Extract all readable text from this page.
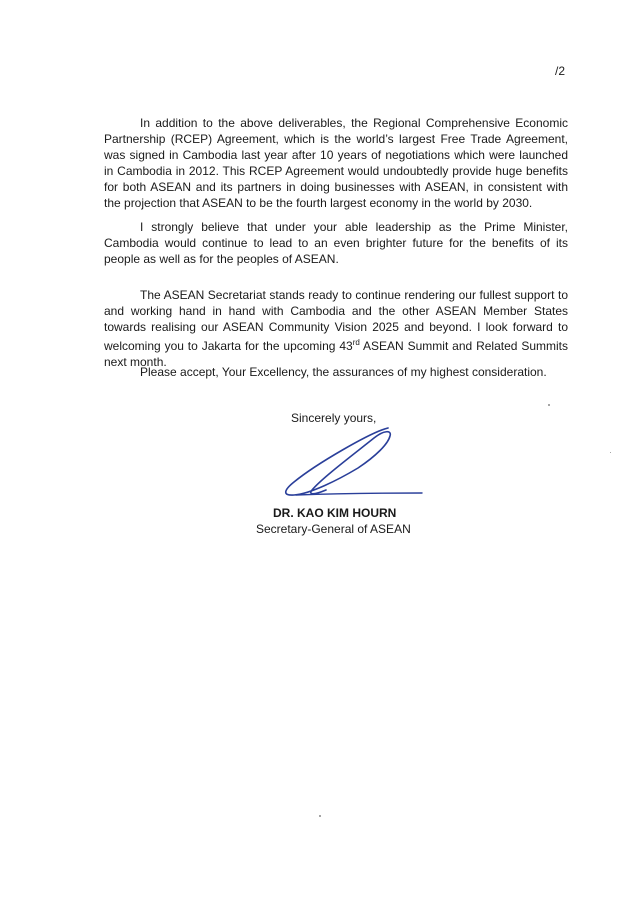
/2

In addition to the above deliverables, the Regional Comprehensive Economic Partnership (RCEP) Agreement, which is the world’s largest Free Trade Agreement, was signed in Cambodia last year after 10 years of negotiations which were launched in Cambodia in 2012. This RCEP Agreement would undoubtedly provide huge benefits for both ASEAN and its partners in doing businesses with ASEAN, in consistent with the projection that ASEAN to be the fourth largest economy in the world by 2030.

I strongly believe that under your able leadership as the Prime Minister, Cambodia would continue to lead to an even brighter future for the benefits of its people as well as for the peoples of ASEAN.

The ASEAN Secretariat stands ready to continue rendering our fullest support to and working hand in hand with Cambodia and the other ASEAN Member States towards realising our ASEAN Community Vision 2025 and beyond. I look forward to welcoming you to Jakarta for the upcoming 43rd ASEAN Summit and Related Summits next month.

Please accept, Your Excellency, the assurances of my highest consideration.

Sincerely yours,
DR. KAO KIM HOURN
Secretary-General of ASEAN
